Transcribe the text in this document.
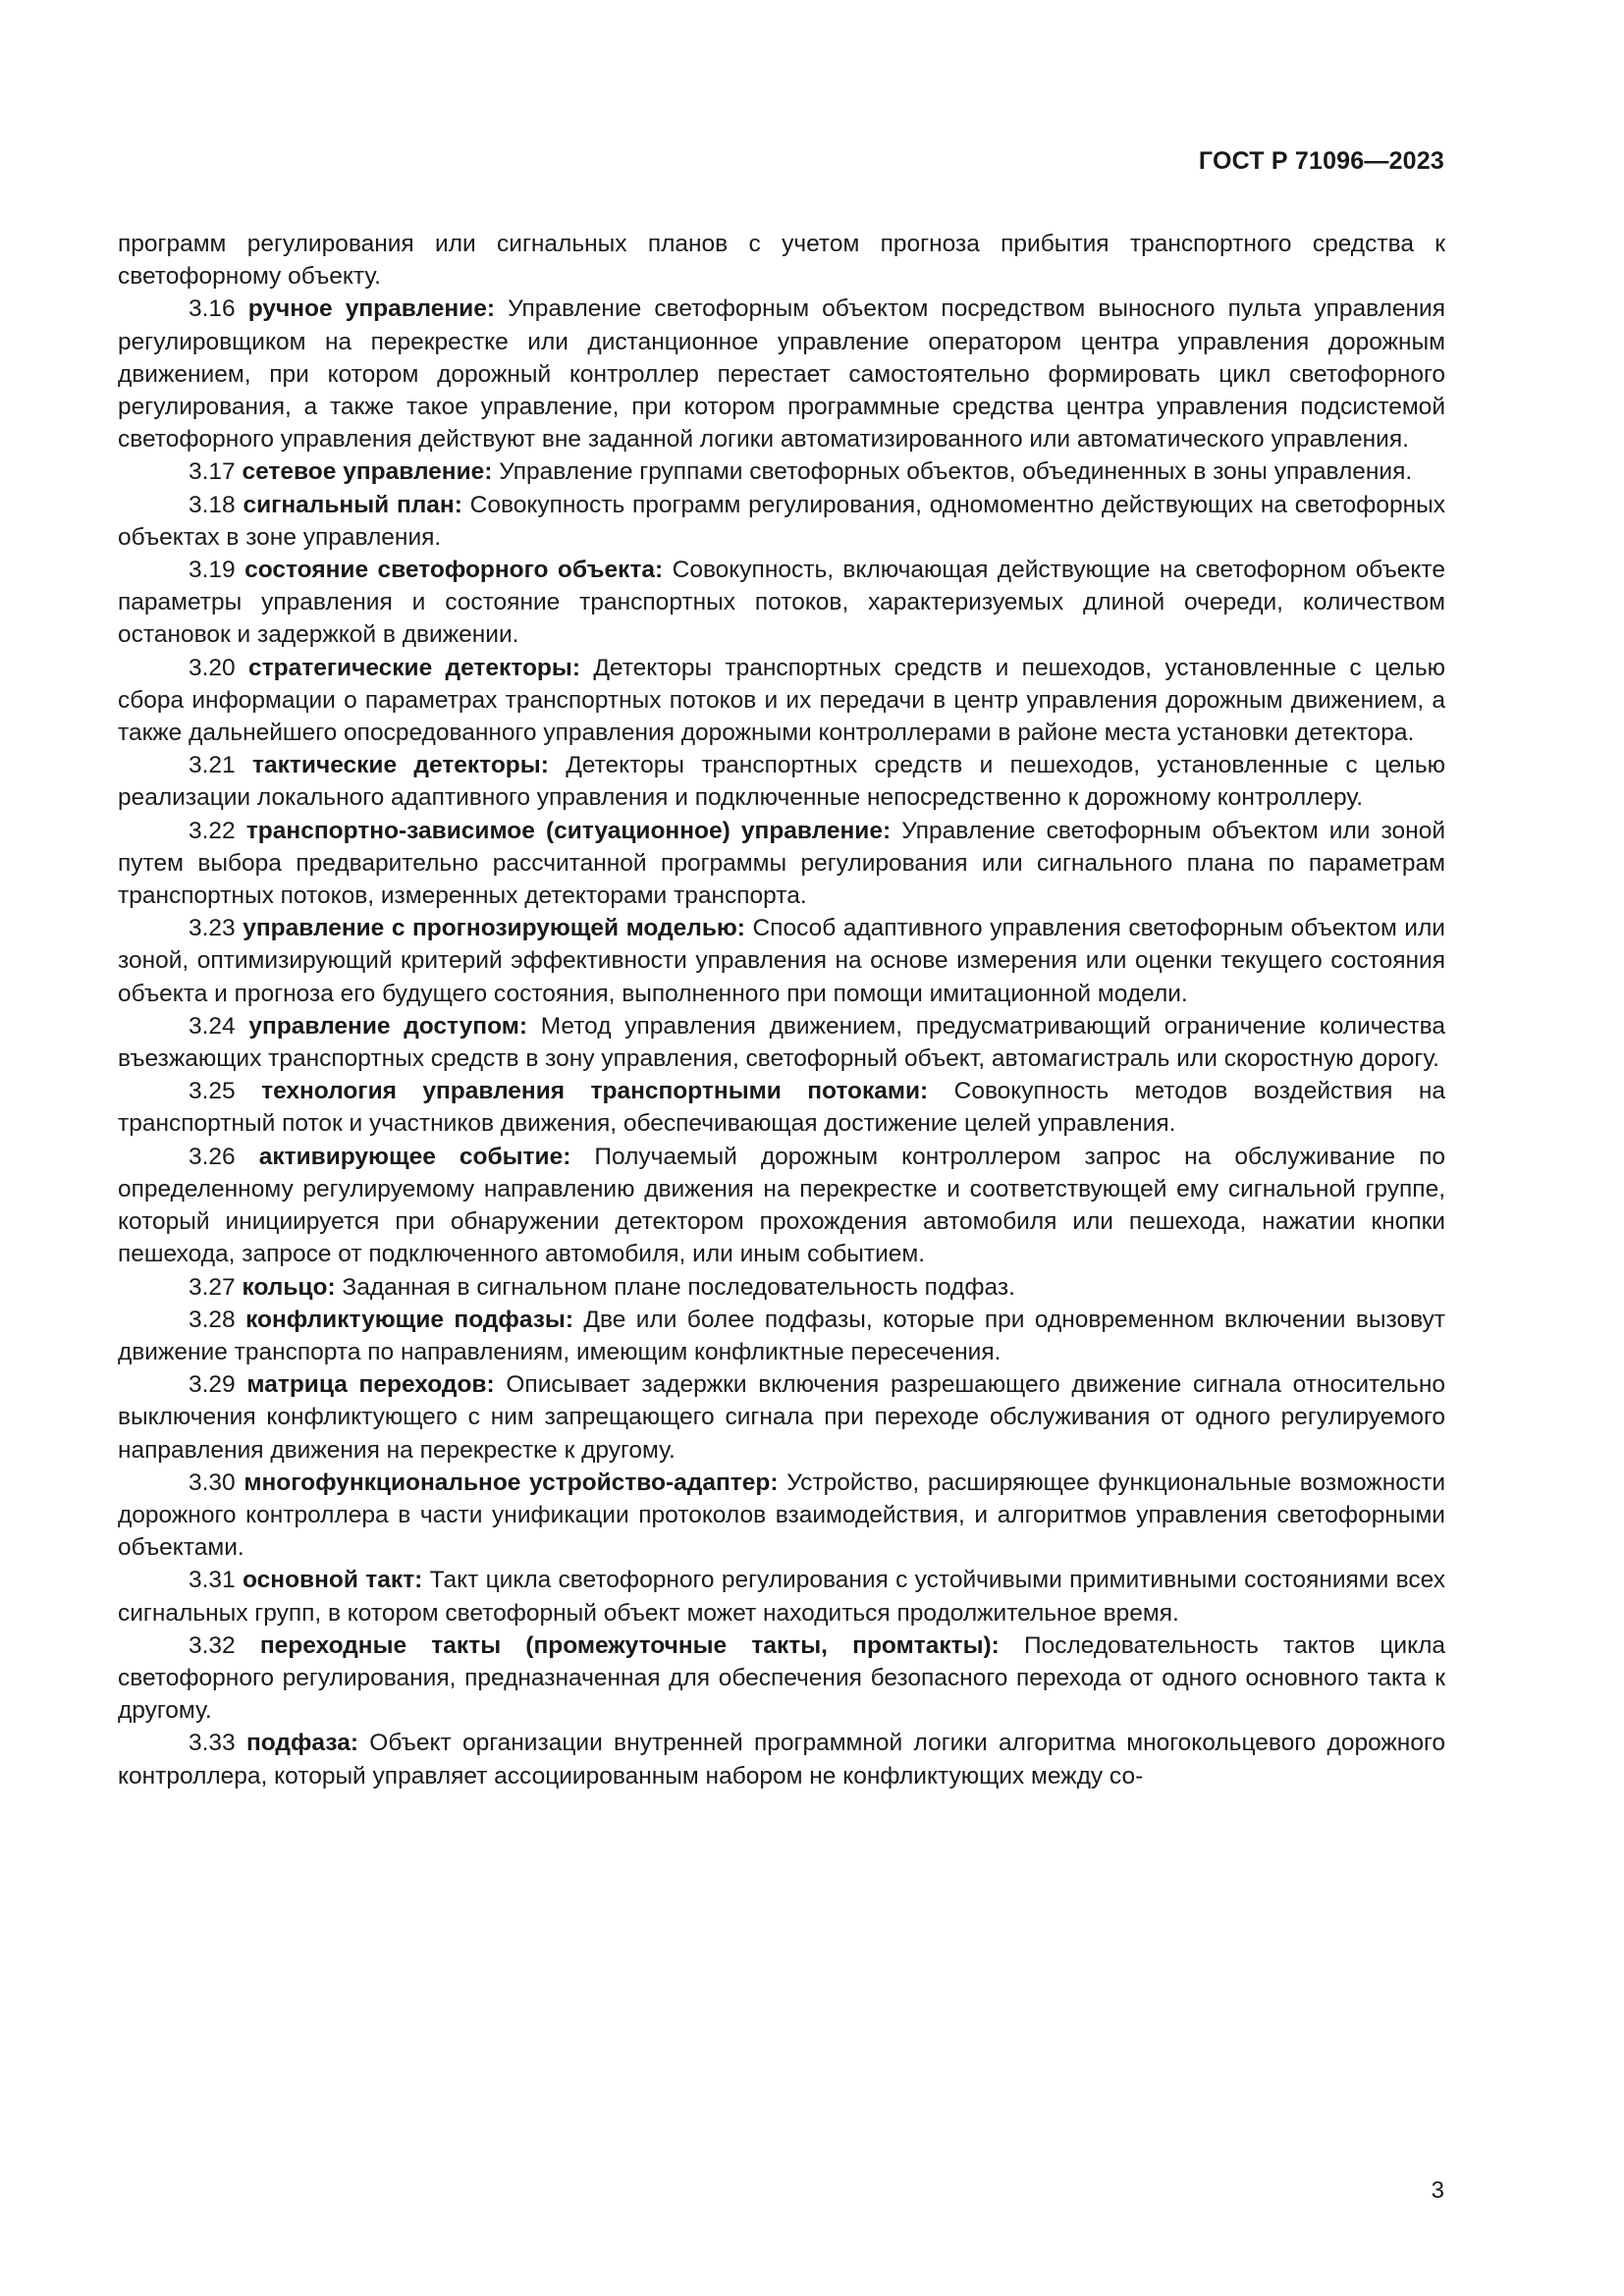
ГОСТ Р 71096—2023

программ регулирования или сигнальных планов с учетом прогноза прибытия транспортного средства к светофорному объекту.

3.16 ручное управление: Управление светофорным объектом посредством выносного пульта управления регулировщиком на перекрестке или дистанционное управление оператором центра управления дорожным движением, при котором дорожный контроллер перестает самостоятельно формировать цикл светофорного регулирования, а также такое управление, при котором программные средства центра управления подсистемой светофорного управления действуют вне заданной логики автоматизированного или автоматического управления.

3.17 сетевое управление: Управление группами светофорных объектов, объединенных в зоны управления.

3.18 сигнальный план: Совокупность программ регулирования, одномоментно действующих на светофорных объектах в зоне управления.

3.19 состояние светофорного объекта: Совокупность, включающая действующие на светофорном объекте параметры управления и состояние транспортных потоков, характеризуемых длиной очереди, количеством остановок и задержкой в движении.

3.20 стратегические детекторы: Детекторы транспортных средств и пешеходов, установленные с целью сбора информации о параметрах транспортных потоков и их передачи в центр управления дорожным движением, а также дальнейшего опосредованного управления дорожными контроллерами в районе места установки детектора.

3.21 тактические детекторы: Детекторы транспортных средств и пешеходов, установленные с целью реализации локального адаптивного управления и подключенные непосредственно к дорожному контроллеру.

3.22 транспортно-зависимое (ситуационное) управление: Управление светофорным объектом или зоной путем выбора предварительно рассчитанной программы регулирования или сигнального плана по параметрам транспортных потоков, измеренных детекторами транспорта.

3.23 управление с прогнозирующей моделью: Способ адаптивного управления светофорным объектом или зоной, оптимизирующий критерий эффективности управления на основе измерения или оценки текущего состояния объекта и прогноза его будущего состояния, выполненного при помощи имитационной модели.

3.24 управление доступом: Метод управления движением, предусматривающий ограничение количества въезжающих транспортных средств в зону управления, светофорный объект, автомагистраль или скоростную дорогу.

3.25 технология управления транспортными потоками: Совокупность методов воздействия на транспортный поток и участников движения, обеспечивающая достижение целей управления.

3.26 активирующее событие: Получаемый дорожным контроллером запрос на обслуживание по определенному регулируемому направлению движения на перекрестке и соответствующей ему сигнальной группе, который инициируется при обнаружении детектором прохождения автомобиля или пешехода, нажатии кнопки пешехода, запросе от подключенного автомобиля, или иным событием.

3.27 кольцо: Заданная в сигнальном плане последовательность подфаз.

3.28 конфликтующие подфазы: Две или более подфазы, которые при одновременном включении вызовут движение транспорта по направлениям, имеющим конфликтные пересечения.

3.29 матрица переходов: Описывает задержки включения разрешающего движение сигнала относительно выключения конфликтующего с ним запрещающего сигнала при переходе обслуживания от одного регулируемого направления движения на перекрестке к другому.

3.30 многофункциональное устройство-адаптер: Устройство, расширяющее функциональные возможности дорожного контроллера в части унификации протоколов взаимодействия, и алгоритмов управления светофорными объектами.

3.31 основной такт: Такт цикла светофорного регулирования с устойчивыми примитивными состояниями всех сигнальных групп, в котором светофорный объект может находиться продолжительное время.

3.32 переходные такты (промежуточные такты, промтакты): Последовательность тактов цикла светофорного регулирования, предназначенная для обеспечения безопасного перехода от одного основного такта к другому.

3.33 подфаза: Объект организации внутренней программной логики алгоритма многокольцевого дорожного контроллера, который управляет ассоциированным набором не конфликтующих между со-

3
